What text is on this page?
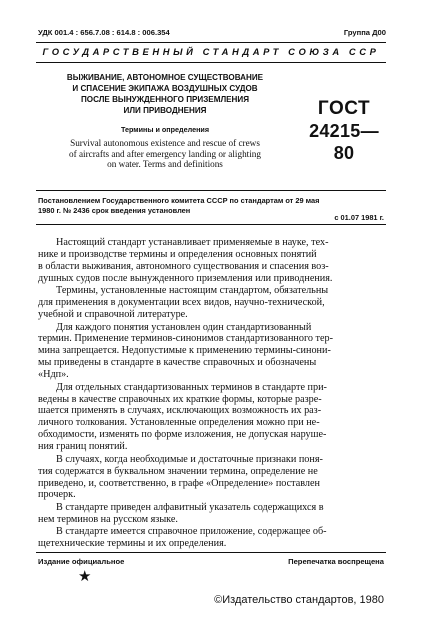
УДК 001.4 : 656.7.08 : 614.8 : 006.354	Группа Д00
ГОСУДАРСТВЕННЫЙ СТАНДАРТ СОЮЗА ССР
ВЫЖИВАНИЕ, АВТОНОМНОЕ СУЩЕСТВОВАНИЕ
И СПАСЕНИЕ ЭКИПАЖА ВОЗДУШНЫХ СУДОВ
ПОСЛЕ ВЫНУЖДЕННОГО ПРИЗЕМЛЕНИЯ
ИЛИ ПРИВОДНЕНИЯ
Термины и определения
Survival autonomous existence and rescue of crews
of aircrafts and after emergency landing or alighting
on water. Terms and definitions
ГОСТ
24215—80
Постановлением Государственного комитета СССР по стандартам от 29 мая
1980 г. № 2436 срок введения установлен
с 01.07 1981 г.
Настоящий стандарт устанавливает применяемые в науке, тех-
нике и производстве термины и определения основных понятий
в области выживания, автономного существования и спасения воз-
душных судов после вынужденного приземления или приводнения.
Термины, установленные настоящим стандартом, обязательны
для применения в документации всех видов, научно-технической,
учебной и справочной литературе.
Для каждого понятия установлен один стандартизованный
термин. Применение терминов-синонимов стандартизованного тер-
мина запрещается. Недопустимые к применению термины-синони-
мы приведены в стандарте в качестве справочных и обозначены
«Ндп».
Для отдельных стандартизованных терминов в стандарте при-
ведены в качестве справочных их краткие формы, которые разре-
шается применять в случаях, исключающих возможность их раз-
личного толкования. Установленные определения можно при не-
обходимости, изменять по форме изложения, не допуская наруше-
ния границ понятий.
В случаях, когда необходимые и достаточные признаки поня-
тия содержатся в буквальном значении термина, определение не
приведено, и, соответственно, в графе «Определение» поставлен
прочерк.
В стандарте приведен алфавитный указатель содержащихся в
нем терминов на русском языке.
В стандарте имеется справочное приложение, содержащее об-
щетехнические термины и их определения.
Издание официальное	Перепечатка воспрещена
★
©Издательство стандартов, 1980
